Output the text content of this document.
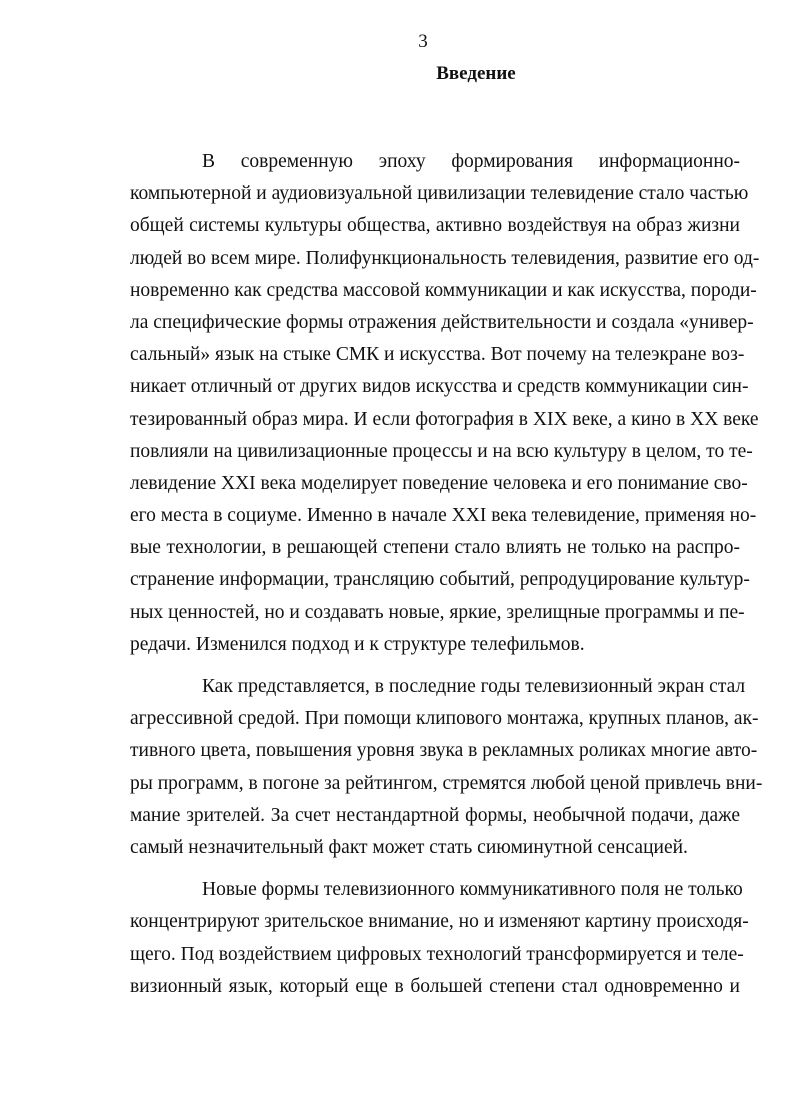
3
Введение
В современную эпоху формирования информационно-
компьютерной и аудиовизуальной цивилизации телевидение стало частью
общей системы культуры общества, активно воздействуя на образ жизни
людей во всем мире. Полифункциональность телевидения, развитие его од-
новременно как средства массовой коммуникации и как искусства, породи-
ла специфические формы отражения действительности и создала «универ-
сальный» язык на стыке СМК и искусства. Вот почему на телеэкране воз-
никает отличный от других видов искусства и средств коммуникации син-
тезированный образ мира. И если фотография в XIX веке, а кино в XX веке
повлияли на цивилизационные процессы и на всю культуру в целом, то те-
левидение XXI века моделирует поведение человека и его понимание сво-
его места в социуме. Именно в начале XXI века телевидение, применяя но-
вые технологии, в решающей степени стало влиять не только на распро-
странение информации, трансляцию событий, репродуцирование культур-
ных ценностей, но и создавать новые, яркие, зрелищные программы и пе-
редачи. Изменился подход и к структуре телефильмов.
Как представляется, в последние годы телевизионный экран стал
агрессивной средой. При помощи клипового монтажа, крупных планов, ак-
тивного цвета, повышения уровня звука в рекламных роликах многие авто-
ры программ, в погоне за рейтингом, стремятся любой ценой привлечь вни-
мание зрителей. За счет нестандартной формы, необычной подачи, даже
самый незначительный факт может стать сиюминутной сенсацией.
Новые формы телевизионного коммуникативного поля не только
концентрируют зрительское внимание, но и изменяют картину происходя-
щего. Под воздействием цифровых технологий трансформируется и теле-
визионный язык, который еще в большей степени стал одновременно и
